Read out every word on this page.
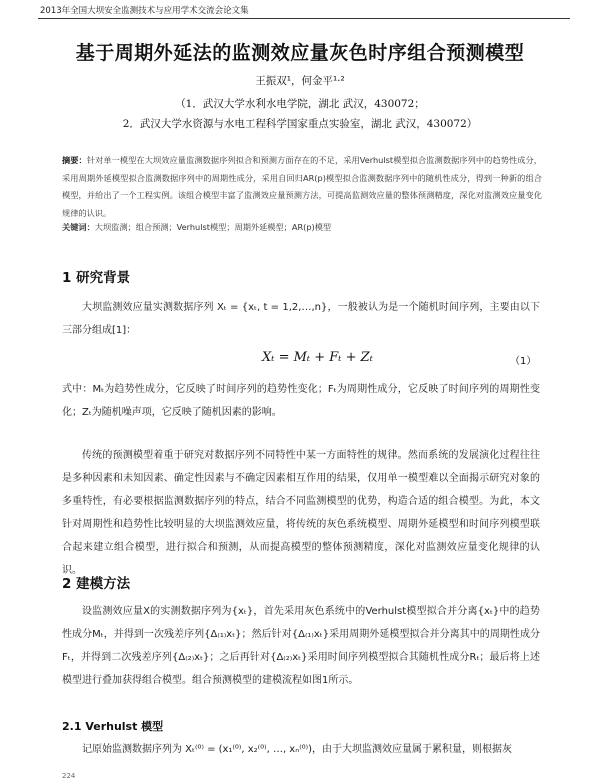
2013年全国大坝安全监测技术与应用学术交流会论文集
基于周期外延法的监测效应量灰色时序组合预测模型
王振双¹，何金平¹·²
（1．武汉大学水利水电学院，湖北 武汉，430072；
2．武汉大学水资源与水电工程科学国家重点实验室，湖北 武汉，430072）
摘要：针对单一模型在大坝效应量监测数据序列拟合和预测方面存在的不足，采用Verhulst模型拟合监测数据序列中的趋势性成分，采用周期外延模型拟合监测数据序列中的周期性成分，采用自回归AR(p)模型拟合监测数据序列中的随机性成分，得到一种新的组合模型，并给出了一个工程实例。该组合模型丰富了监测效应量预测方法，可提高监测效应量的整体预测精度，深化对监测效应量变化规律的认识。
关键词：大坝监测；组合预测；Verhulst模型；周期外延模型；AR(p)模型
1 研究背景
大坝监测效应量实测数据序列 Xₜ = {xₜ, t = 1,2,…,n}，一般被认为是一个随机时间序列，主要由以下三部分组成[1]：
Xₜ = Mₜ + Fₜ + Zₜ	（1）
式中：Mₜ为趋势性成分，它反映了时间序列的趋势性变化；Fₜ为周期性成分，它反映了时间序列的周期性变化；Zₜ为随机噪声项，它反映了随机因素的影响。
传统的预测模型着重于研究对数据序列不同特性中某一方面特性的规律。然而系统的发展演化过程往往是多种因素和未知因素、确定性因素与不确定因素相互作用的结果，仅用单一模型难以全面揭示研究对象的多重特性，有必要根据监测数据序列的特点，结合不同监测模型的优势，构造合适的组合模型。为此，本文针对周期性和趋势性比较明显的大坝监测效应量，将传统的灰色系统模型、周期外延模型和时间序列模型联合起来建立组合模型，进行拟合和预测，从而提高模型的整体预测精度，深化对监测效应量变化规律的认识。
2 建模方法
设监测效应量X的实测数据序列为{xₜ}，首先采用灰色系统中的Verhulst模型拟合并分离{xₜ}中的趋势性成分Mₜ，并得到一次残差序列{Δ₍₁₎xₜ}；然后针对{Δ₍₁₎xₜ}采用周期外延模型拟合并分离其中的周期性成分Fₜ，并得到二次残差序列{Δ₍₂₎xₜ}；之后再针对{Δ₍₂₎xₜ}采用时间序列模型拟合其随机性成分Rₜ；最后将上述模型进行叠加获得组合模型。组合预测模型的建模流程如图1所示。
2.1 Verhulst 模型
记原始监测数据序列为 Xₜ⁽⁰⁾ = (x₁⁽⁰⁾, x₂⁽⁰⁾, …, xₙ⁽⁰⁾)，由于大坝监测效应量属于累积量，则根据灰
224
